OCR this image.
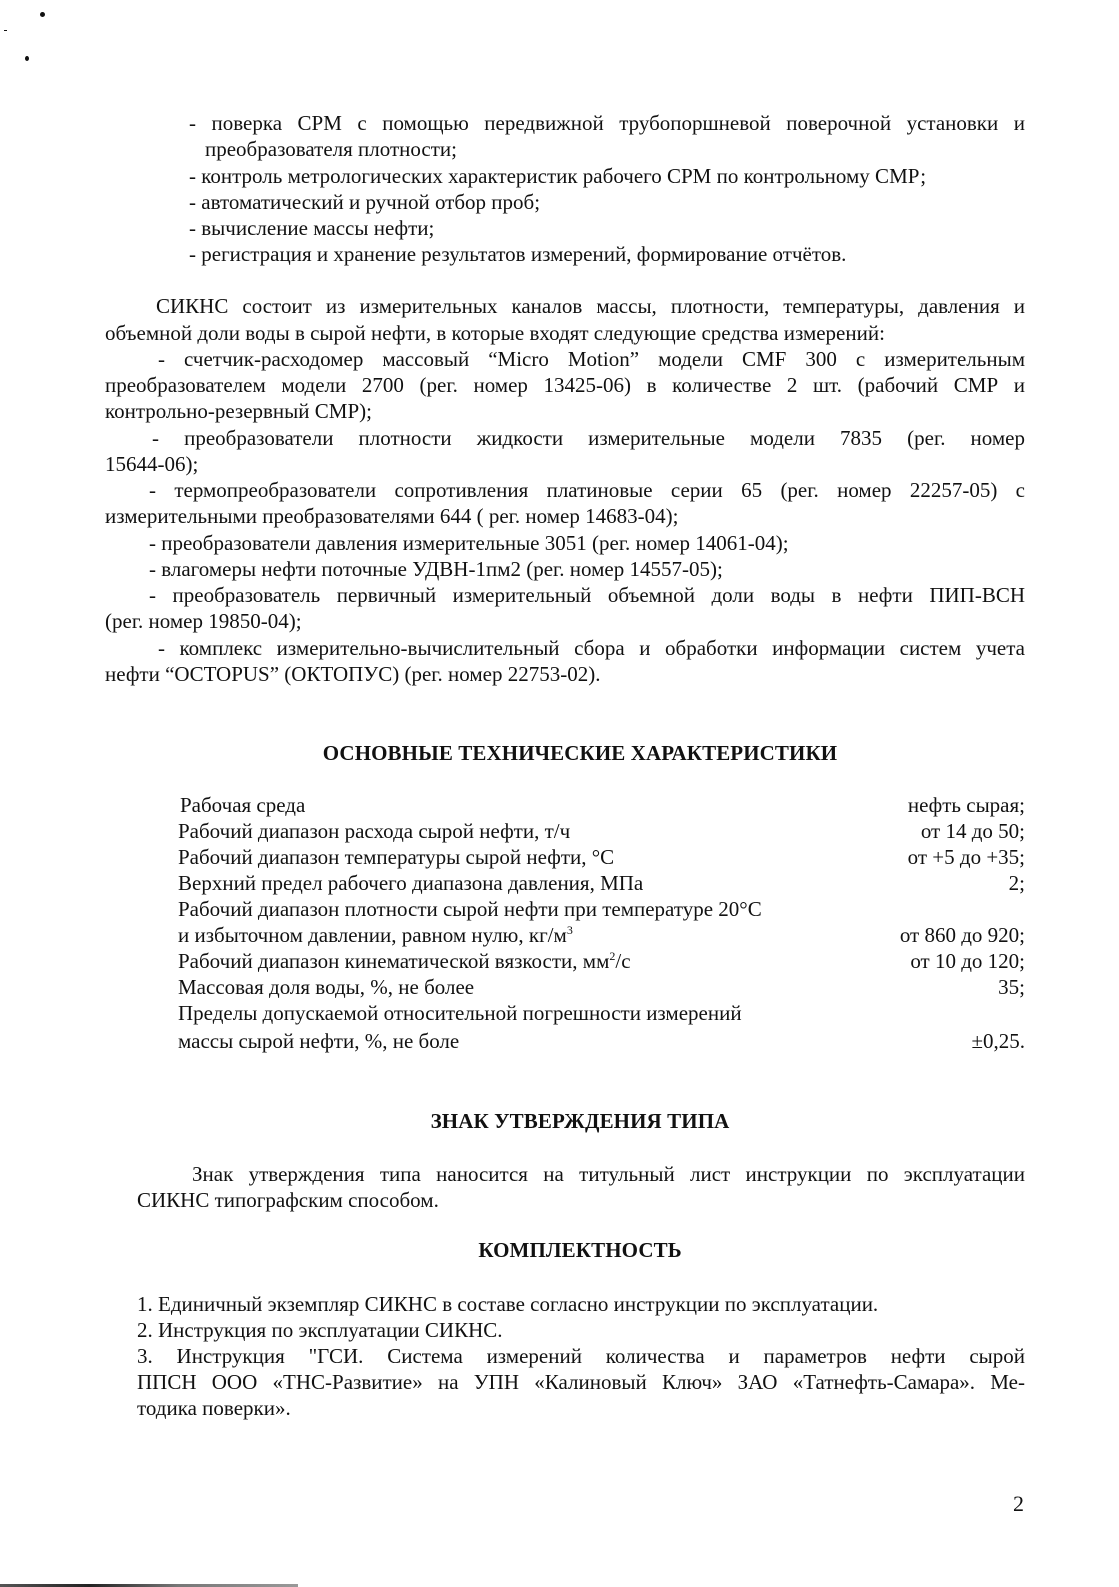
- поверка СРМ с помощью передвижной трубопоршневой поверочной установки и
преобразователя плотности;
- контроль метрологических характеристик рабочего СРМ по контрольному СМР;
- автоматический и ручной отбор проб;
- вычисление массы нефти;
- регистрация и хранение результатов измерений, формирование отчётов.
СИКНС состоит из измерительных каналов массы, плотности, температуры, давления и
объемной доли воды в сырой нефти, в которые входят следующие средства измерений:
- счетчик-расходомер массовый “Micro Motion” модели CMF 300 с измерительным
преобразователем модели 2700 (рег. номер 13425-06) в количестве 2 шт. (рабочий СМР и
контрольно-резервный СМР);
- преобразователи плотности жидкости измерительные модели 7835 (рег. номер
15644-06);
- термопреобразователи сопротивления платиновые серии 65 (рег. номер 22257-05) с
измерительными преобразователями 644 ( рег. номер 14683-04);
- преобразователи давления измерительные 3051 (рег. номер 14061-04);
- влагомеры нефти поточные УДВН-1пм2 (рег. номер 14557-05);
- преобразователь первичный измерительный объемной доли воды в нефти ПИП-ВСН
(рег. номер 19850-04);
- комплекс измерительно-вычислительный сбора и обработки информации систем учета
нефти “OCTOPUS” (ОКТОПУС) (рег. номер 22753-02).
ОСНОВНЫЕ ТЕХНИЧЕСКИЕ ХАРАКТЕРИСТИКИ
Рабочая среда	нефть сырая;
Рабочий диапазон расхода сырой нефти, т/ч	от 14 до 50;
Рабочий диапазон температуры сырой нефти, °С	от +5 до +35;
Верхний предел рабочего диапазона давления, МПа	2;
Рабочий диапазон плотности сырой нефти при температуре 20°С
и избыточном давлении, равном нулю, $кг/м^3$	от 860 до 920;
Рабочий диапазон кинематической вязкости, $мм^2/с$	от 10 до 120;
Массовая доля воды, %, не более	35;
Пределы допускаемой относительной погрешности измерений
массы сырой нефти, %, не боле	±0,25.
ЗНАК УТВЕРЖДЕНИЯ ТИПА
Знак утверждения типа наносится на титульный лист инструкции по эксплуатации
СИКНС типографским способом.
КОМПЛЕКТНОСТЬ
1. Единичный экземпляр СИКНС в составе согласно инструкции по эксплуатации.
2. Инструкция по эксплуатации СИКНС.
3. Инструкция "ГСИ. Система измерений количества и параметров нефти сырой
ППСН ООО «ТНС-Развитие» на УПН «Калиновый Ключ» ЗАО «Татнефть-Самара». Ме-
тодика поверки».
2
